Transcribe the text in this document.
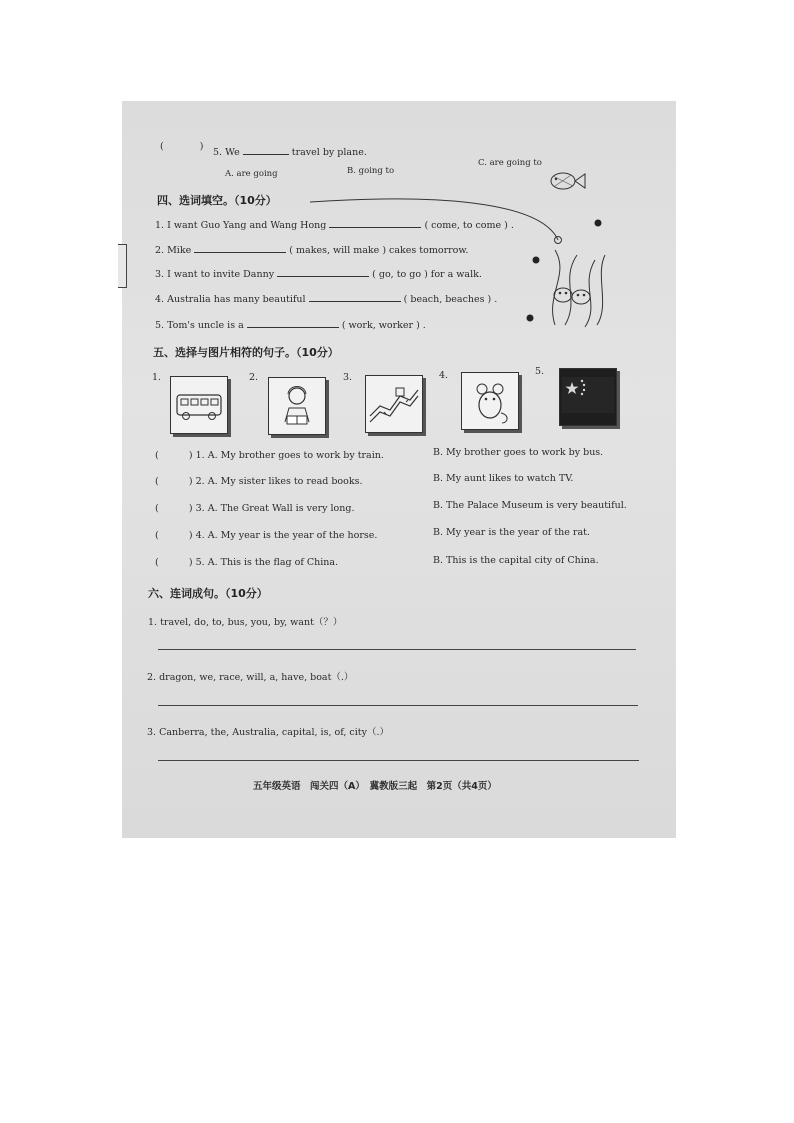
(	)
5. We	travel by plane.
A. are going	B. going to
C. are going to
四、选词填空。（10分）
1. I want Guo Yang and Wang Hong	( come, to come ) .
2. Mike	( makes, will make ) cakes tomorrow.
3. I want to invite Danny	( go, to go ) for a walk.
4. Australia has many beautiful	( beach, beaches ) .
5. Tom's uncle is a	( work, worker ) .
五、选择与图片相符的句子。（10分）
1.	2.	3.	4.	5.
(          ) 1. A. My brother goes to work by train.	B. My brother goes to work by bus.
(          ) 2. A. My sister likes to read books.	B. My aunt likes to watch TV.
(          ) 3. A. The Great Wall is very long.	B. The Palace Museum is very beautiful.
(          ) 4. A. My year is the year of the horse.	B. My year is the year of the rat.
(          ) 5. A. This is the flag of China.	B. This is the capital city of China.
六、连词成句。（10分）
1. travel, do, to, bus, you, by, want（？）
2. dragon, we, race, will, a, have, boat（.）
3. Canberra, the, Australia, capital, is, of, city（.）
五年级英语　闯关四（A）　冀教版三起　第2页（共4页）
